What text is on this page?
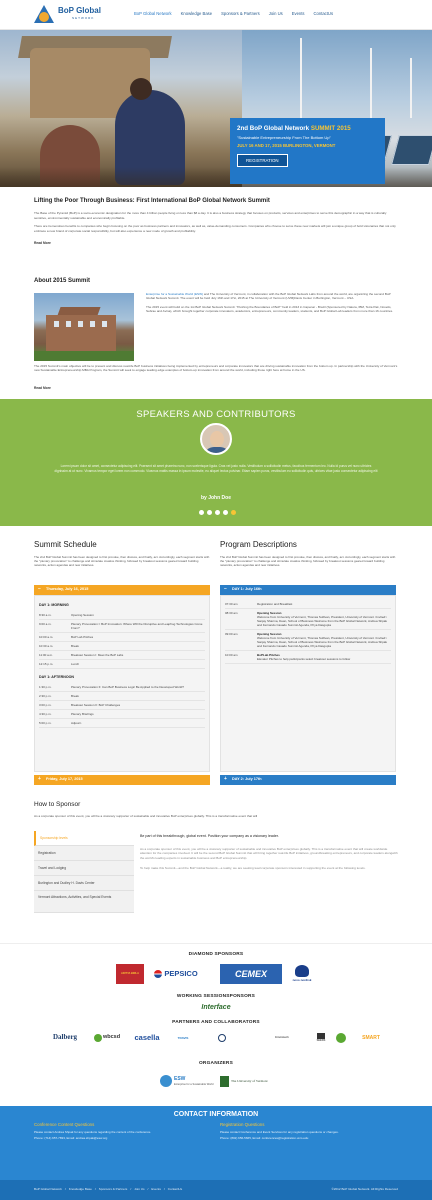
BoP Global
NETWORK
BoP Global Network Knowledge Base Sponsors & Partners Join Us Events ContactUs
2nd BoP Global Network SUMMIT 2015
"Sustainable Entrepreneurship From The Bottom Up"
JULY 16 AND 17, 2015 BURLINGTON, VERMONT
REGISTRATION
Lifting the Poor Through Business: First International BoP Global Network Summit

The Base of the Pyramid (BoP) is a socio-economic designation for the more than 4 billion people living on less than $8 a day. It is also a business strategy that focuses on products, services and enterprises to serve this demographic in a way that is culturally sensitive, environmentally sustainable and economically profitable.

There are tremendous benefits to companies who begin focusing on the poor as business partners and innovators, as well as, value-demanding consumers. Companies who choose to serve these new markets will join a unique group of bold visionaries that not only embrace a new brand of corporate social responsibility, but will also experience a new mode of growth and profitability.

Read More
About 2015 Summit

Enterprise for a Sustainable World (ESW) and The University of Vermont, in collaboration with the BoP Global Network Labs from around the world, are organizing the second BoP Global Network Summit. The event will be held July 16th and 17st, 2015 at The University of Vermont (UVM)Davis Center in Burlington, Vermont – USA.

The 2015 event will build on the 1st BoP Global Network Summit: "Pushing the Boundaries of BoP" held in 2013 in Capenar - Brazil (Sponsored by Natura, IBM, Tetra Pak, Novelis, Sebrae and Avina), which brought together corporate innovators, academics, entrepreneurs, community leaders, students, and BoP Global Lab leaders from more than 16 countries.

The 2015 Summit's main objective will be to present and discuss real-life BoP business initiatives being implemented by entrepreneurs and corporate innovators that are driving sustainable innovation from the bottom up. In partnership with the University of Vermont's new Sustainable Entrepreneurship MBA Program, the Summit will seek to engage leading edge examples of bottom-up innovation from around the world, including those right here at home in the US.

Read More
SPEAKERS AND CONTRIBUTORS
Lorem ipsum dolor sit amet, consectetur adipiscing elit. Praesent sit amet pharetra nunc, non scelerisque ligula. Cras vel justo nulla. Vestibulum a sollicitudin metus, faucibus fermentum leo. Nulla id purus vel nunc ultricies dignissim at ut nunc. Vivamus tempor eget lorem non commodo. Vivamus mattis massa in ipsum molestie, eu aliquet lectus pulvinar. Etiam sapien purus, vestibulum eu sollicitudin quis, ultrices vitae justo consectetur adipiscing elit
by John Doe
Summit Schedule

The 2nd BoP Global Summit has been designed to first provoke, then discuss, and finally, act. Accordingly, each segment starts with the "plenary provocation" to challenge and stimulate creative thinking, followed by breakout sessions geared toward building networks, action agendas and new initiatives.

−	Thursday, July 16, 2015
DAY 1: MORNING
8:30 a.m.	Opening Session
9:00 a.m.	Plenary Provocation I: BoP Innovation: Where Will the Disruptive and Leapfrog Technologies Come From?
10:00 a.m.	BoP Lab Pitches
10:30 a.m.	Break
11:00 a.m.	Breakout Session I: Meet the BoP Labs
12:15 p.m.	Lunch
DAY 1: AFTERNOON
1:30 p.m.	Plenary Provocation II: Can BoP Business Logic Be Applied to the Developed World?
2:30 p.m.	Break
3:00 p.m.	Breakout Session II: BoP Challenges
4:30 p.m.	Plenary Briefings
5:00 p.m.	Adjourn
+	Friday, July 17, 2015
Program Descriptions

The 2nd BoP Global Summit has been designed to first provoke, then discuss, and finally, act. Accordingly, each segment starts with the "plenary provocation" to challenge and stimulate creative thinking, followed by breakout sessions geared toward building networks, action agendas and new initiatives.

−	DAY 1: July 16th
07:30 am	Registration and Breakfast
08:30 am	Opening Session
Welcome from University of Vermont, Thomas Sullivan, President, University of Vermont <invited> Sanjay Sharma, Dean, School of Business Welcome from the BoP Global Network, Andrea Shpak and Fernando Casado Summit Agenda, Priya Dasgupta
09:00 am	Opening Session
Welcome from University of Vermont, Thomas Sullivan, President, University of Vermont <invited> Sanjay Sharma, Dean, School of Business Welcome from the BoP Global Network, Andrea Shpak and Fernando Casado Summit Agenda, Priya Dasgupta
10:00 am	BoPLab Pitches
Elevator Pitches to help participants select breakout sessions to follow
+	DAY 2: July 17th
How to Sponsor

As a corporate sponsor of this event, you will be a visionary supporter of sustainable and innovative BoP enterprises globally. This is a transformative event that will

Sponsorship levels
Registration
Travel and Lodging
Burlington and Dudley H. Davis Center
Vermont Attractions, Activities, and Special Events
Be part of this breakthrough, global event. Position your company as a visionary leader.

As a corporate sponsor of this event, you will be a visionary supporter of sustainable and innovative BoP enterprises globally. This is a transformative event that will create worldwide attention for the companies involved. It will be the second BoP Global Summit that will bring together real-life BoP initiatives, groundbreaking entrepreneurs, and corporate leaders alongwith the world's leading experts in sustainable business and BoP entrepreneurship.

To help make this Summit—and the BoP Global Network—a reality, we are seeking lead corporate sponsors interested in supporting the event at the following levels.

DIAMOND SPONSORS
ADITYA BIRLA	PEPSICO	CEMEX
novo nordisk
WORKING SESSIONSPONSORS
Interface
PARTNERS AND COLLABORATORS
Dalberg	wbcsd	casella	TRAVIS	Envirotech
SEEDS
SMART
ORGANIZERS
ESW
Enterprise for a Sustainable World
The University of Vermont
CONTACT INFORMATION
Conference Content Questions
Please contact Andrea Shpak for any questions regarding the content of the conference.
Phone: (714) 657-7833, Email: andrea.shpak@esw.org
Registration Questions
Please contact Conference and Event Services for any registration questions or changes.
Phone: (802) 656-5665, Email: conferences@registration.uvm.edu
BoP Global Network / Knowledge Base / Sponsors & Partners / Join Us / Events / ContactUs	©2012 BoP Global Network. All Rights Reserved
